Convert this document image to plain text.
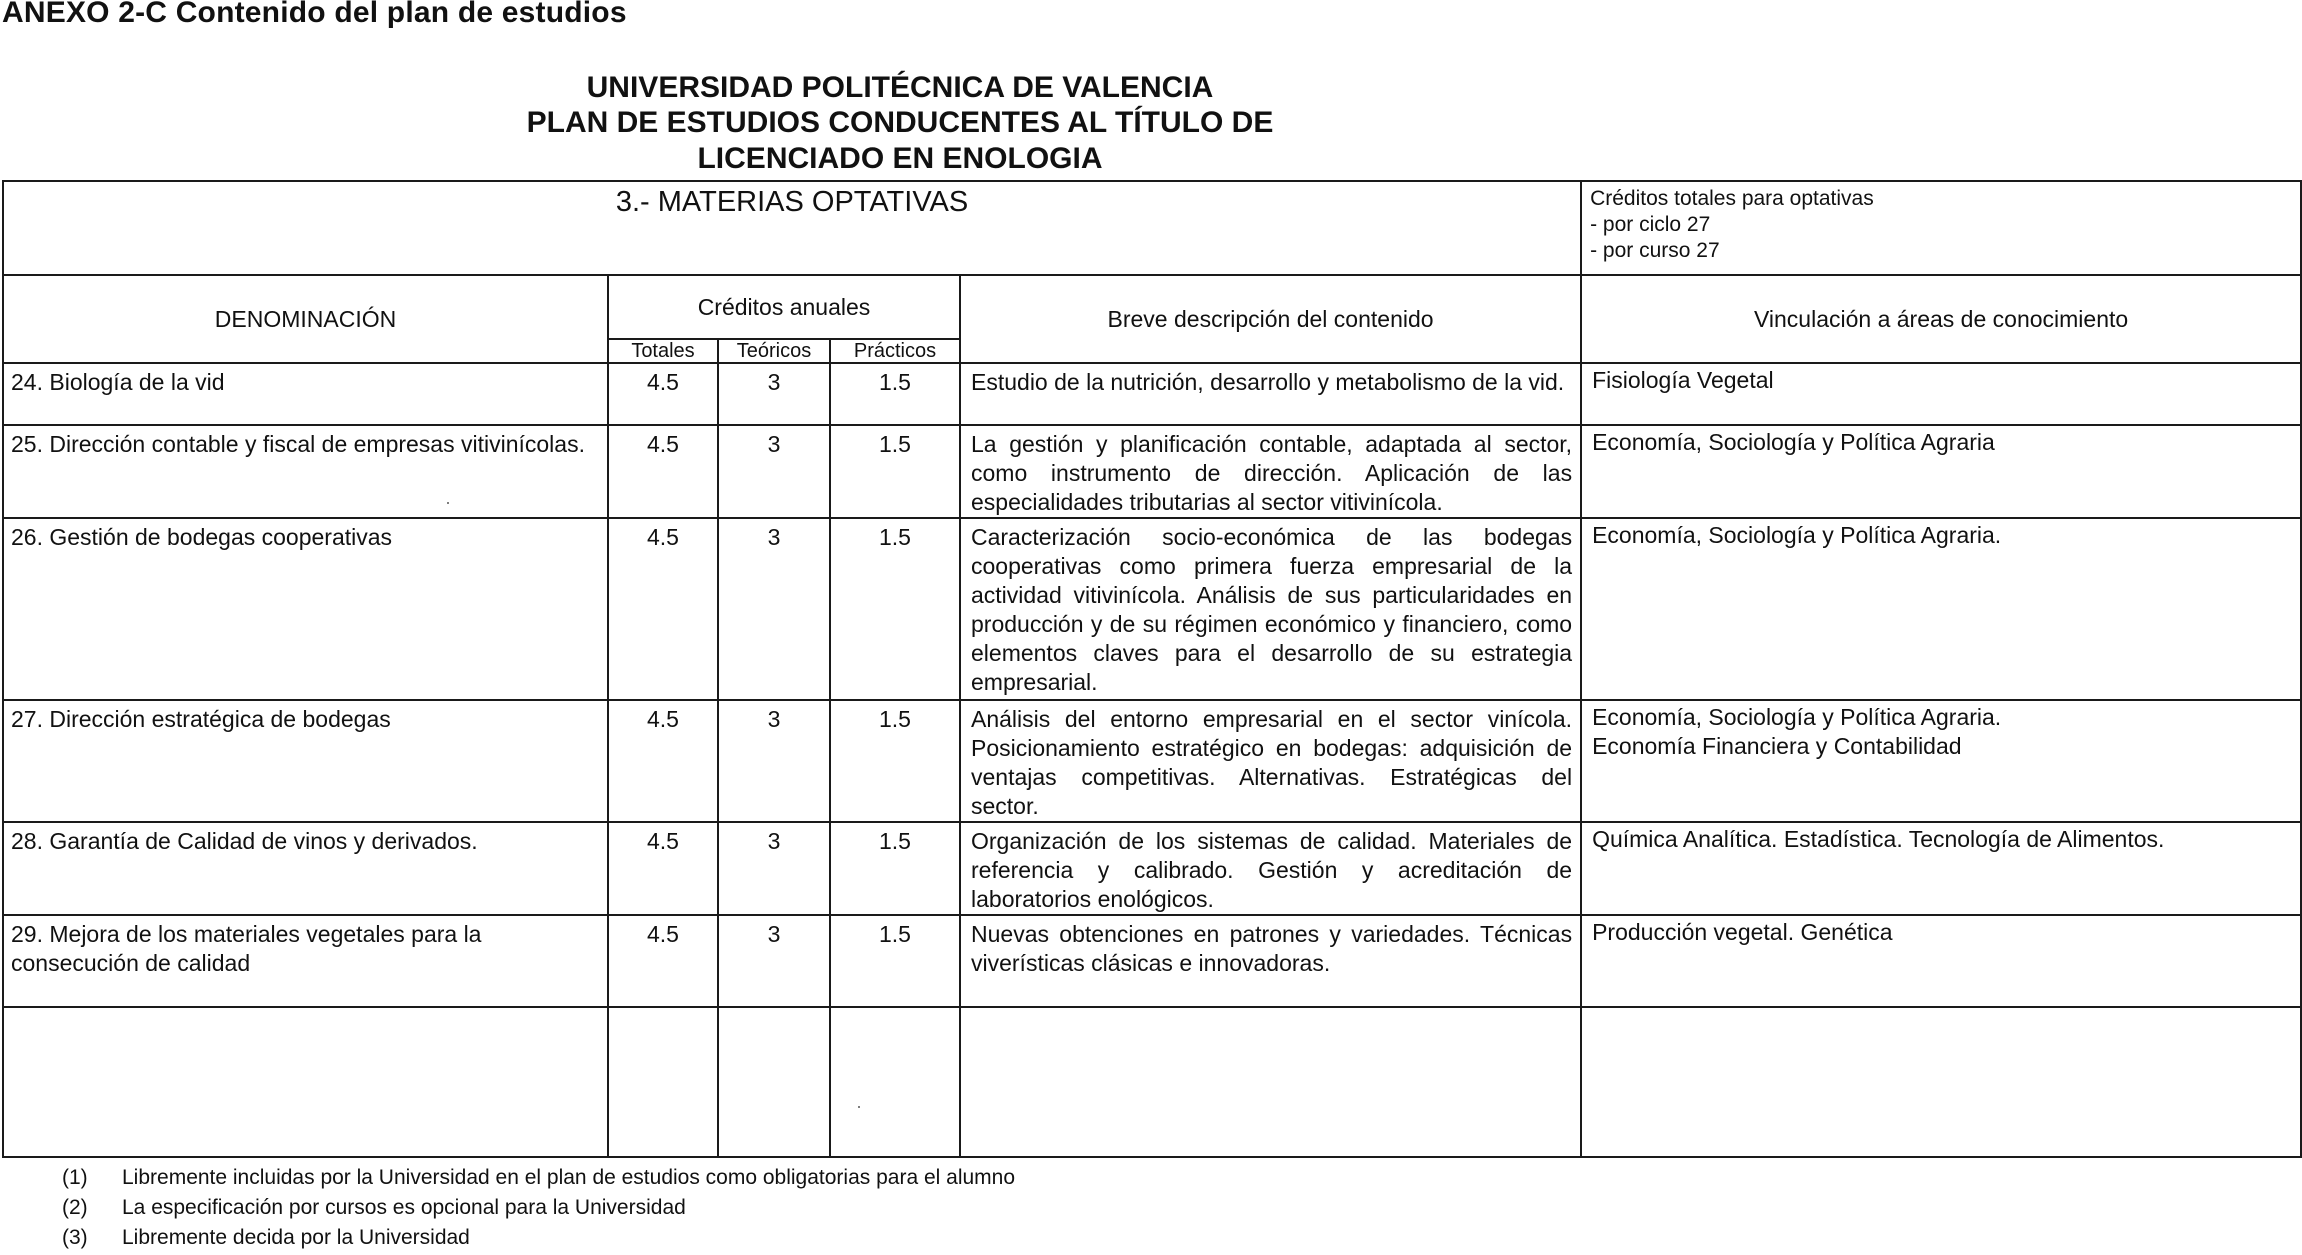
ANEXO 2-C Contenido del plan de estudios
UNIVERSIDAD POLITÉCNICA DE VALENCIA
PLAN DE ESTUDIOS CONDUCENTES AL TÍTULO DE
LICENCIADO EN ENOLOGIA
3.- MATERIAS OPTATIVAS					Créditos totales para optativas
- por ciclo 27
- por curso 27

DENOMINACIÓN	Créditos anuales			Breve descripción del contenido	Vinculación a áreas de conocimiento
	Totales	Teóricos	Prácticos		
24. Biología de la vid	4.5	3	1.5	Estudio de la nutrición, desarrollo y metabolismo de la vid.	Fisiología Vegetal

25. Dirección contable y fiscal de empresas vitivinícolas.	4.5	3	1.5	La gestión y planificación contable, adaptada al sector, como instrumento de dirección. Aplicación de las especialidades tributarias al sector vitivinícola.	Economía, Sociología y Política Agraria

26. Gestión de bodegas cooperativas	4.5	3	1.5	Caracterización socio-económica de las bodegas cooperativas como primera fuerza empresarial de la actividad vitivinícola. Análisis de sus particularidades en producción y de su régimen económico y financiero, como elementos claves para el desarrollo de su estrategia empresarial.	Economía, Sociología y Política Agraria.

27. Dirección estratégica de bodegas	4.5	3	1.5	Análisis del entorno empresarial en el sector vinícola. Posicionamiento estratégico en bodegas: adquisición de ventajas competitivas. Alternativas. Estratégicas del sector.	Economía, Sociología y Política Agraria.
Economía Financiera y Contabilidad

28. Garantía de Calidad de vinos y derivados.	4.5	3	1.5	Organización de los sistemas de calidad. Materiales de referencia y calibrado. Gestión y acreditación de laboratorios enológicos.	Química Analítica. Estadística. Tecnología de Alimentos.

29. Mejora de los materiales vegetales para la consecución de calidad	4.5	3	1.5	Nuevas obtenciones en patrones y variedades. Técnicas viverísticas clásicas e innovadoras.	Producción vegetal. Genética

(1) Libremente incluidas por la Universidad en el plan de estudios como obligatorias para el alumno
(2) La especificación por cursos es opcional para la Universidad
(3) Libremente decida por la Universidad
